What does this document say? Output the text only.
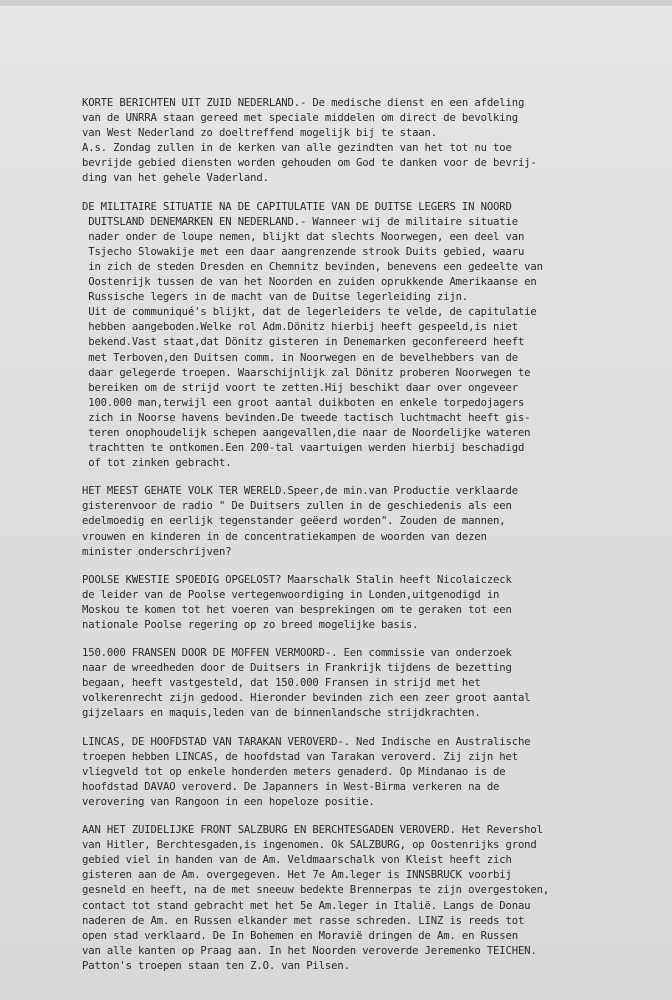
KORTE BERICHTEN UIT ZUID NEDERLAND.- De medische dienst en een afdeling
van de UNRRA staan gereed met speciale middelen om direct de bevolking
van West Nederland zo doeltreffend mogelijk bij te staan.
A.s. Zondag zullen in de kerken van alle gezindten van het tot nu toe
bevrijde gebied diensten worden gehouden om God te danken voor de bevrij-
ding van het gehele Vaderland.
DE MILITAIRE SITUATIE NA DE CAPITULATIE VAN DE DUITSE LEGERS IN NOORD
DUITSLAND DENEMARKEN EN NEDERLAND.- Wanneer wij de militaire situatie
nader onder de loupe nemen, blijkt dat slechts Noorwegen, een deel van
Tsjecho Slowakije met een daar aangrenzende strook Duits gebied, waaru
in zich de steden Dresden en Chemnitz bevinden, benevens een gedeelte van
Oostenrijk tussen de van het Noorden en zuiden oprukkende Amerikaanse en
Russische legers in de macht van de Duitse legerleiding zijn.
Uit de communiqué's blijkt, dat de legerleiders te velde, de capitulatie
hebben aangeboden.Welke rol Adm.Dönitz hierbij heeft gespeeld,is niet
bekend.Vast staat,dat Dönitz gisteren in Denemarken geconfereerd heeft
met Terboven,den Duitsen comm. in Noorwegen en de bevelhebbers van de
daar gelegerde troepen. Waarschijnlijk zal Dönitz proberen Noorwegen te
bereiken om de strijd voort te zetten.Hij beschikt daar over ongeveer
100.000 man,terwijl een groot aantal duikboten en enkele torpedojagers
zich in Noorse havens bevinden.De tweede tactisch luchtmacht heeft gis-
teren onophoudelijk schepen aangevallen,die naar de Noordelijke wateren
trachtten te ontkomen.Een 200-tal vaartuigen werden hierbij beschadigd
of tot zinken gebracht.
HET MEEST GEHATE VOLK TER WERELD.Speer,de min.van Productie verklaarde
gisterenvoor de radio " De Duitsers zullen in de geschiedenis als een
edelmoedig en eerlijk tegenstander geëerd worden". Zouden de mannen,
vrouwen en kinderen in de concentratiekampen de woorden van dezen
minister onderschrijven?
POOLSE KWESTIE SPOEDIG OPGELOST? Maarschalk Stalin heeft Nicolaiczeck
de leider van de Poolse vertegenwoordiging in Londen,uitgenodigd in
Moskou te komen tot het voeren van besprekingen om te geraken tot een
nationale Poolse regering op zo breed mogelijke basis.
150.000 FRANSEN DOOR DE MOFFEN VERMOORD-. Een commissie van onderzoek
naar de wreedheden door de Duitsers in Frankrijk tijdens de bezetting
begaan, heeft vastgesteld, dat 150.000 Fransen in strijd met het
volkerenrecht zijn gedood. Hieronder bevinden zich een zeer groot aantal
gijzelaars en maquis,leden van de binnenlandsche strijdkrachten.
LINCAS, DE HOOFDSTAD VAN TARAKAN VEROVERD-. Ned Indische en Australische
troepen hebben LINCAS, de hoofdstad van Tarakan veroverd. Zij zijn het
vliegveld tot op enkele honderden meters genaderd. Op Mindanao is de
hoofdstad DAVAO veroverd. De Japanners in West-Birma verkeren na de
verovering van Rangoon in een hopeloze positie.
AAN HET ZUIDELIJKE FRONT SALZBURG EN BERCHTESGADEN VEROVERD. Het Revershol
van Hitler, Berchtesgaden,is ingenomen. Ok SALZBURG, op Oostenrijks grond
gebied viel in handen van de Am. Veldmaarschalk von Kleist heeft zich
gisteren aan de Am. overgegeven. Het 7e Am.leger is INNSBRUCK voorbij
gesneld en heeft, na de met sneeuw bedekte Brennerpas te zijn overgestoken,
contact tot stand gebracht met het 5e Am.leger in Italië. Langs de Donau
naderen de Am. en Russen elkander met rasse schreden. LINZ is reeds tot
open stad verklaard. De In Bohemen en Moravië dringen de Am. en Russen
van alle kanten op Praag aan. In het Noorden veroverde Jeremenko TEICHEN.
Patton's troepen staan ten Z.O. van Pilsen.
